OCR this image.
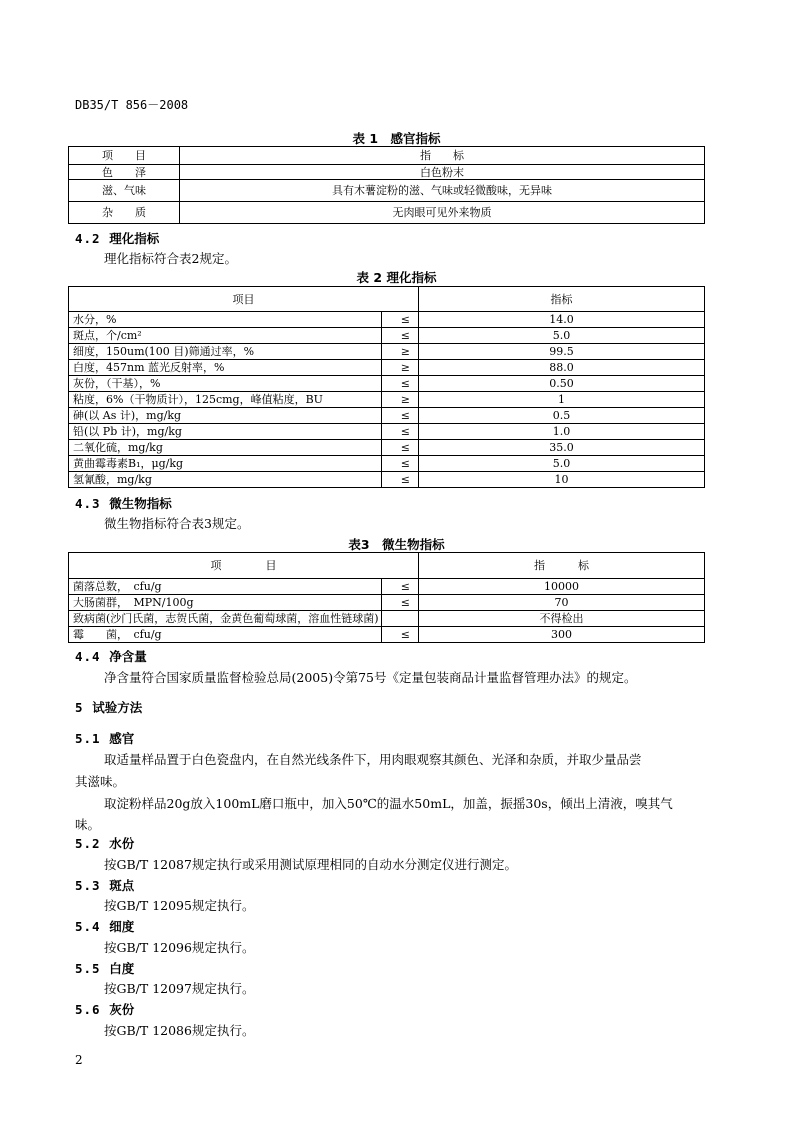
DB35/T 856－2008
表 1　感官指标
项　　目	指　　标
色　　泽	白色粉末
滋、气味	具有木薯淀粉的滋、气味或轻微酸味，无异味
杂　　质	无肉眼可见外来物质
4.2 理化指标
理化指标符合表2规定。
表 2 理化指标
项目		指标
水分，%	≤	14.0
斑点，个/cm²	≤	5.0
细度，150um(100 目)筛通过率，%	≥	99.5
白度，457nm 蓝光反射率，%	≥	88.0
灰份，（干基），%	≤	0.50
粘度，6%（干物质计），125cmg，峰值粘度，BU	≥	1
砷(以 As 计)，mg/kg	≤	0.5
铅(以 Pb 计)，mg/kg	≤	1.0
二氧化硫，mg/kg	≤	35.0
黄曲霉毒素B₁，μg/kg	≤	5.0
氢氰酸，mg/kg	≤	10
4.3 微生物指标
微生物指标符合表3规定。
表3　微生物指标
项　　　　目		指　　　标
菌落总数，　cfu/g	≤	10000
大肠菌群，　MPN/100g	≤	70
致病菌(沙门氏菌，志贺氏菌，金黄色葡萄球菌，溶血性链球菌)		不得检出
霉　　菌，　cfu/g	≤	300
4.4 净含量
净含量符合国家质量监督检验总局(2005)令第75号《定量包装商品计量监督管理办法》的规定。
5 试验方法
5.1 感官
取适量样品置于白色瓷盘内，在自然光线条件下，用肉眼观察其颜色、光泽和杂质，并取少量品尝
其滋味。
取淀粉样品20g放入100mL磨口瓶中，加入50℃的温水50mL，加盖，振摇30s，倾出上清液，嗅其气
味。
5.2 水份
按GB/T 12087规定执行或采用测试原理相同的自动水分测定仪进行测定。
5.3 斑点
按GB/T 12095规定执行。
5.4 细度
按GB/T 12096规定执行。
5.5 白度
按GB/T 12097规定执行。
5.6 灰份
按GB/T 12086规定执行。
2
